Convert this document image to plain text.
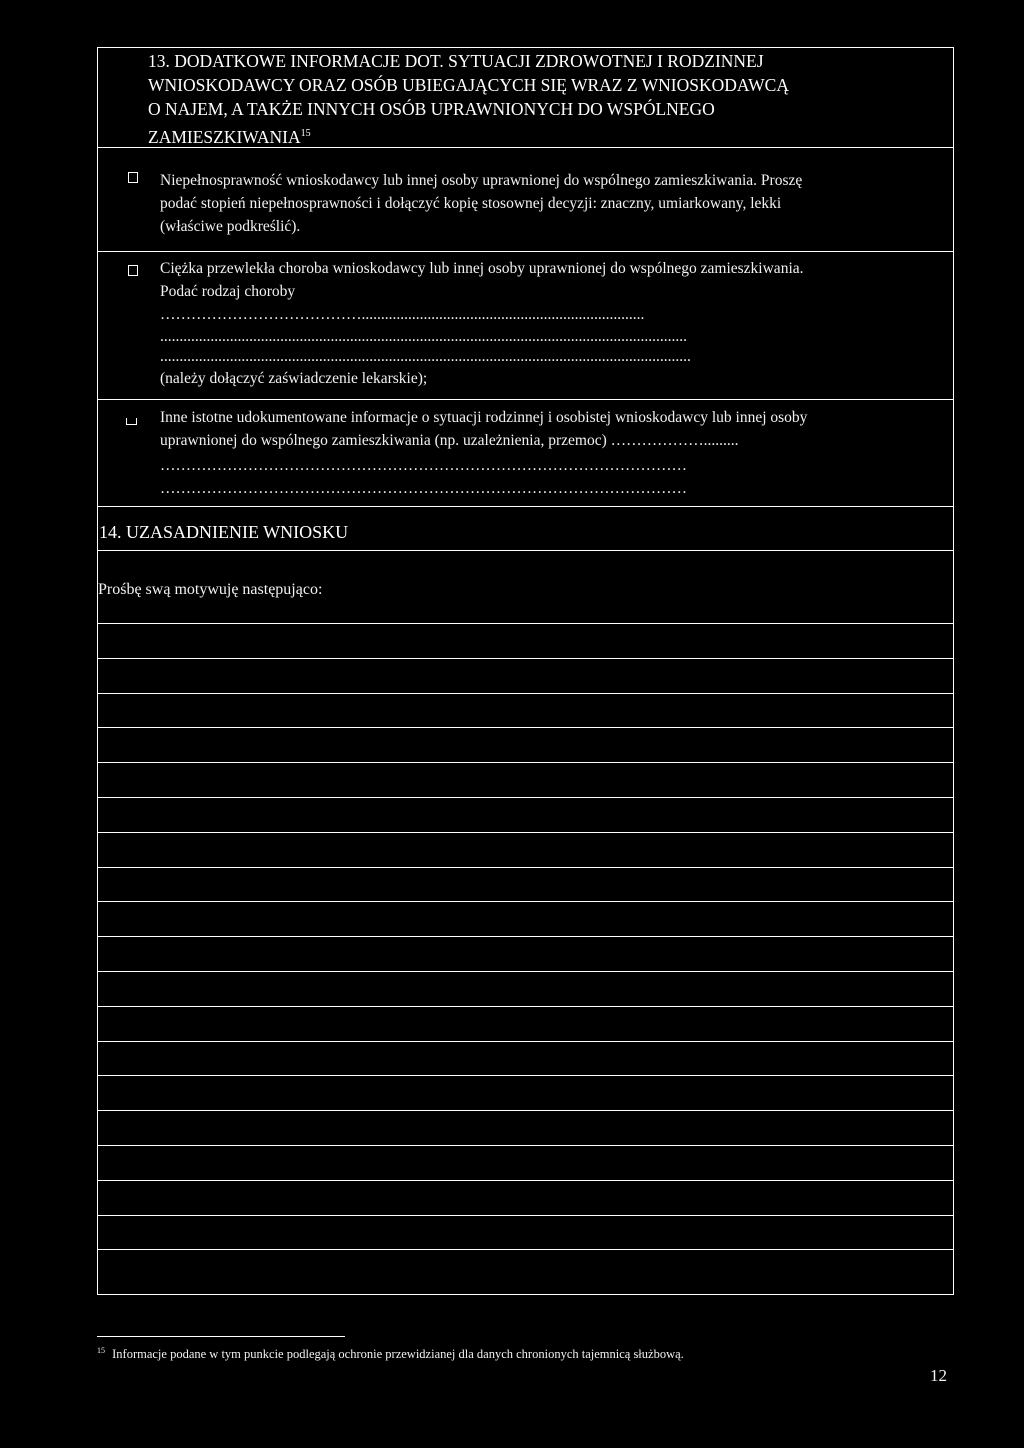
13. DODATKOWE INFORMACJE DOT. SYTUACJI ZDROWOTNEJ I RODZINNEJ
WNIOSKODAWCY ORAZ OSÓB UBIEGAJĄCYCH SIĘ WRAZ Z WNIOSKODAWCĄ
O NAJEM, A TAKŻE INNYCH OSÓB UPRAWNIONYCH DO WSPÓLNEGO
ZAMIESZKIWANIA$^{15}$
Niepełnosprawność wnioskodawcy lub innej osoby uprawnionej do wspólnego zamieszkiwania. Proszę
podać stopień niepełnosprawności i dołączyć kopię stosownej decyzji: znaczny, umiarkowany, lekki
(właściwe podkreślić).
Ciężka przewlekła choroba wnioskodawcy lub innej osoby uprawnionej do wspólnego zamieszkiwania.
Podać rodzaj choroby
………………………………….........................................................................
........................................................................................................................................
.........................................................................................................................................
(należy dołączyć zaświadczenie lekarskie);
Inne istotne udokumentowane informacje o sytuacji rodzinnej i osobistej wnioskodawcy lub innej osoby
uprawnionej do wspólnego zamieszkiwania (np. uzależnienia, przemoc) ……………….........
…………………………………………………………………………………………
…………………………………………………………………………………………
14. UZASADNIENIE WNIOSKU
Prośbę swą motywuję następująco:
$^{15}$ Informacje podane w tym punkcie podlegają ochronie przewidzianej dla danych chronionych tajemnicą służbową.
12
